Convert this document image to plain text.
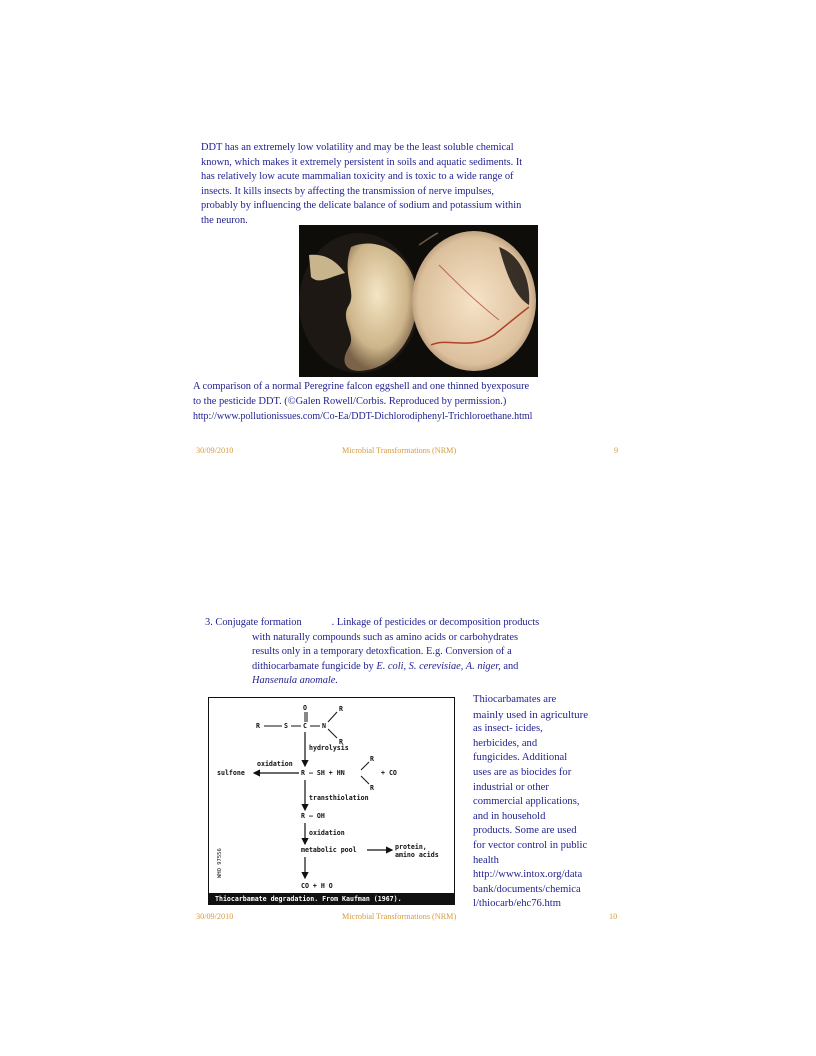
DDT has an extremely low volatility and may be the least soluble chemical
known, which makes it extremely persistent in soils and aquatic sediments. It
has relatively low acute mammalian toxicity and is toxic to a wide range of
insects. It kills insects by affecting the transmission of nerve impulses,
probably by influencing the delicate balance of sodium and potassium within
the neuron.
A comparison of a normal Peregrine falcon eggshell and one thinned byexposure
to the pesticide DDT. (©Galen Rowell/Corbis. Reproduced by permission.)
http://www.pollutionissues.com/Co-Ea/DDT-Dichlorodiphenyl-Trichloroethane.html
30/09/2010	Microbial Transformations (NRM)	9
3. Conjugate formation	. Linkage of pesticides or decomposition products
with naturally compounds such as amino acids or carbohydrates
results only in a temporary detoxfication. E.g. Conversion of a
dithiocarbamate fungicide by E. coli, S. cerevisiae, A. niger, and
Hansenula anomale.
R	S C N
O	R
R
hydrolysis
oxidation
sulfone	R — SH + HN
R
R
+ CO
transthiolation
R — OH
oxidation
metabolic pool	protein,
amino acids
CO + H O
WHO 97556
Thiocarbamate degradation. From Kaufman (1967).
Thiocarbamates are
mainly used in agriculture
as insect- icides,
herbicides, and
fungicides. Additional
uses are as biocides for
industrial or other
commercial applications,
and in household
products. Some are used
for vector control in public
health
http://www.intox.org/data
bank/documents/chemica
l/thiocarb/ehc76.htm
30/09/2010	Microbial Transformations (NRM)	10
